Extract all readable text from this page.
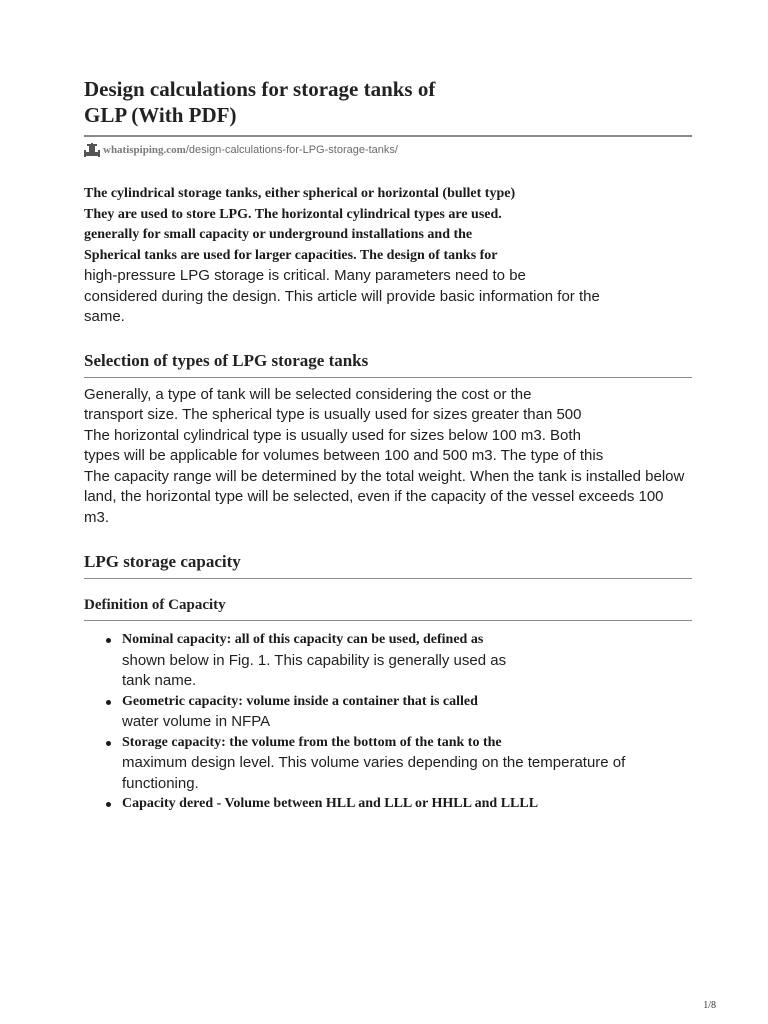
Design calculations for storage tanks of
GLP (With PDF)
whatispiping.com /design-calculations-for-LPG-storage-tanks/
The cylindrical storage tanks, either spherical or horizontal (bullet type)
They are used to store LPG. The horizontal cylindrical types are used.
generally for small capacity or underground installations and the
Spherical tanks are used for larger capacities. The design of tanks for
high-pressure LPG storage is critical. Many parameters need to be
considered during the design. This article will provide basic information for the
same.
Selection of types of LPG storage tanks
Generally, a type of tank will be selected considering the cost or the
transport size. The spherical type is usually used for sizes greater than 500
The horizontal cylindrical type is usually used for sizes below 100 m3. Both
types will be applicable for volumes between 100 and 500 m3. The type of this
The capacity range will be determined by the total weight. When the tank is installed below
land, the horizontal type will be selected, even if the capacity of the vessel exceeds 100
m3.
LPG storage capacity
Definition of Capacity
Nominal capacity: all of this capacity can be used, defined as
shown below in Fig. 1. This capability is generally used as
tank name.
Geometric capacity: volume inside a container that is called
water volume in NFPA
Storage capacity: the volume from the bottom of the tank to the
maximum design level. This volume varies depending on the temperature of
functioning.
Capacity dered - Volume between HLL and LLL or HHLL and LLLL
1/8
